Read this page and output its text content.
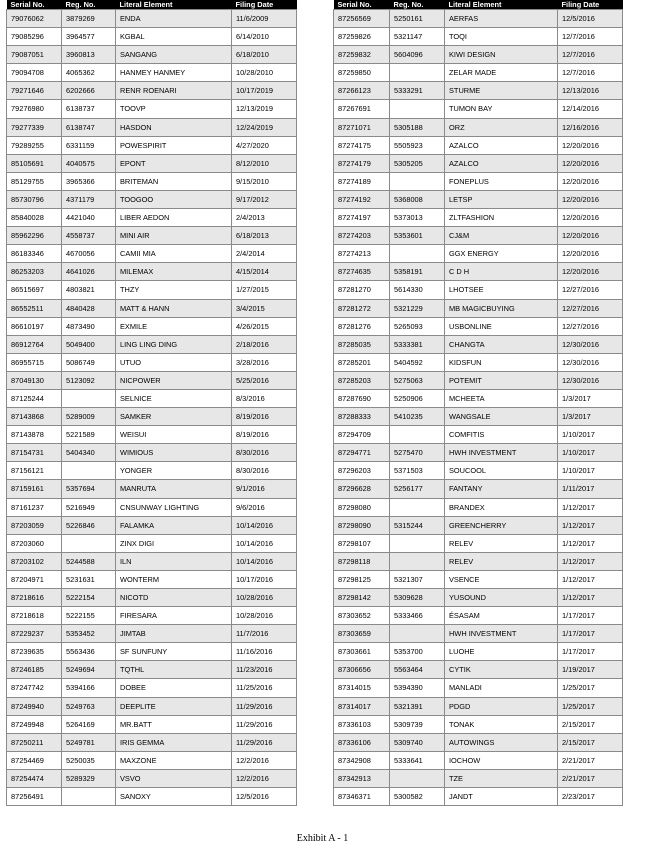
Serial No.	Reg. No.	Literal Element	Filing Date
79076062	3879269	ENDA	11/6/2009
79085296	3964577	KGBAL	6/14/2010
79087051	3960813	SANGANG	6/18/2010
79094708	4065362	HANMEY HANMEY	10/28/2010
79271646	6202666	RENR ROENARI	10/17/2019
79276980	6138737	TOOVP	12/13/2019
79277339	6138747	HASDON	12/24/2019
79289255	6331159	POWESPIRIT	4/27/2020
85105691	4040575	EPONT	8/12/2010
85129755	3965366	BRITEMAN	9/15/2010
85730796	4371179	TOOGOO	9/17/2012
85840028	4421040	LIBER AEDON	2/4/2013
85962296	4558737	MINI AIR	6/18/2013
86183346	4670056	CAMII MIA	2/4/2014
86253203	4641026	MILEMAX	4/15/2014
86515697	4803821	THZY	1/27/2015
86552511	4840428	MATT & HANN	3/4/2015
86610197	4873490	EXMILE	4/26/2015
86912764	5049400	LING LING DING	2/18/2016
86955715	5086749	UTUO	3/28/2016
87049130	5123092	NICPOWER	5/25/2016
87125244		SELNICE	8/3/2016
87143868	5289009	SAMKER	8/19/2016
87143878	5221589	WEISUI	8/19/2016
87154731	5404340	WIMIOUS	8/30/2016
87156121		YONGER	8/30/2016
87159161	5357694	MANRUTA	9/1/2016
87161237	5216949	CNSUNWAY LIGHTING	9/6/2016
87203059	5226846	FALAMKA	10/14/2016
87203060		ZINX DIGI	10/14/2016
87203102	5244588	ILN	10/14/2016
87204971	5231631	WONTERM	10/17/2016
87218616	5222154	NICOTD	10/28/2016
87218618	5222155	FIRESARA	10/28/2016
87229237	5353452	JIMTAB	11/7/2016
87239635	5563436	SF SUNFUNY	11/16/2016
87246185	5249694	TQTHL	11/23/2016
87247742	5394166	DOBEE	11/25/2016
87249940	5249763	DEEPLITE	11/29/2016
87249948	5264169	MR.BATT	11/29/2016
87250211	5249781	IRIS GEMMA	11/29/2016
87254469	5250035	MAXZONE	12/2/2016
87254474	5289329	VSVO	12/2/2016
87256491		SANOXY	12/5/2016
Serial No.	Reg. No.	Literal Element	Filing Date
87256569	5250161	AERFAS	12/5/2016
87259826	5321147	TOQI	12/7/2016
87259832	5604096	KIWI DESIGN	12/7/2016
87259850		ZELAR MADE	12/7/2016
87266123	5333291	STURME	12/13/2016
87267691		TUMON BAY	12/14/2016
87271071	5305188	ORZ	12/16/2016
87274175	5505923	AZALCO	12/20/2016
87274179	5305205	AZALCO	12/20/2016
87274189		FONEPLUS	12/20/2016
87274192	5368008	LETSP	12/20/2016
87274197	5373013	ZLTFASHION	12/20/2016
87274203	5353601	CJ&M	12/20/2016
87274213		GGX ENERGY	12/20/2016
87274635	5358191	C D H	12/20/2016
87281270	5614330	LHOTSEE	12/27/2016
87281272	5321229	MB MAGICBUYING	12/27/2016
87281276	5265093	USBONLINE	12/27/2016
87285035	5333381	CHANGTA	12/30/2016
87285201	5404592	KIDSFUN	12/30/2016
87285203	5275063	POTEMIT	12/30/2016
87287690	5250906	MCHEETA	1/3/2017
87288333	5410235	WANGSALE	1/3/2017
87294709		COMFITIS	1/10/2017
87294771	5275470	HWH INVESTMENT	1/10/2017
87296203	5371503	SOUCOOL	1/10/2017
87296628	5256177	FANTANY	1/11/2017
87298080		BRANDEX	1/12/2017
87298090	5315244	GREENCHERRY	1/12/2017
87298107		RELEV	1/12/2017
87298118		RELEV	1/12/2017
87298125	5321307	VSENCE	1/12/2017
87298142	5309628	YUSOUND	1/12/2017
87303652	5333466	ÉSASAM	1/17/2017
87303659		HWH INVESTMENT	1/17/2017
87303661	5353700	LUOHE	1/17/2017
87306656	5563464	CYTIK	1/19/2017
87314015	5394390	MANLADI	1/25/2017
87314017	5321391	PDGD	1/25/2017
87336103	5309739	TONAK	2/15/2017
87336106	5309740	AUTOWINGS	2/15/2017
87342908	5333641	IOCHOW	2/21/2017
87342913		TZE	2/21/2017
87346371	5300582	JANDT	2/23/2017
Exhibit A - 1
